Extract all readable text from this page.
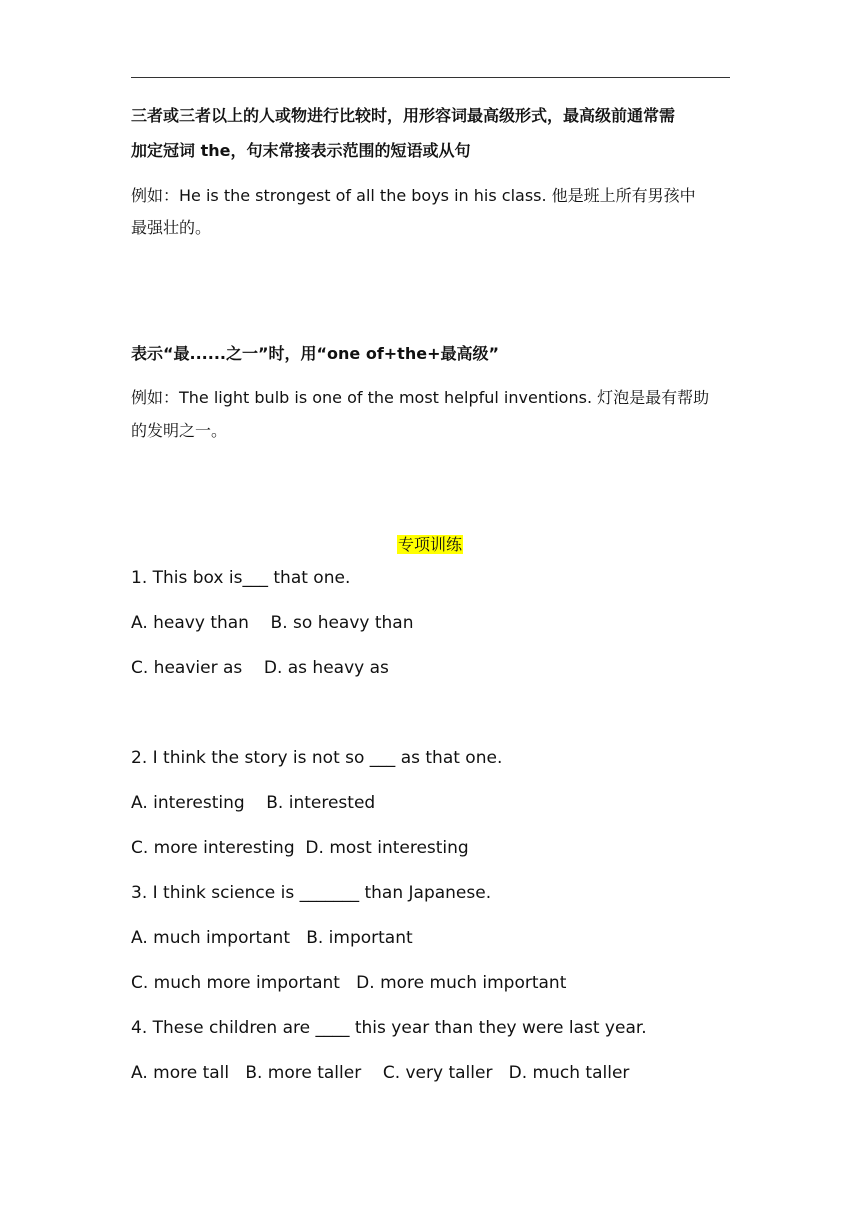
三者或三者以上的人或物进行比较时，用形容词最高级形式，最高级前通常需
加定冠词 the，句末常接表示范围的短语或从句
例如：He is the strongest of all the boys in his class. 他是班上所有男孩中
最强壮的。
表示“最......之一”时，用“one of+the+最高级”
例如：The light bulb is one of the most helpful inventions. 灯泡是最有帮助
的发明之一。
专项训练
1. This box is___ that one.
A. heavy than    B. so heavy than
C. heavier as    D. as heavy as
2. I think the story is not so ___ as that one.
A. interesting    B. interested
C. more interesting  D. most interesting
3. I think science is _______ than Japanese.
A. much important   B. important
C. much more important   D. more much important
4. These children are ____ this year than they were last year.
A. more tall   B. more taller    C. very taller   D. much taller
